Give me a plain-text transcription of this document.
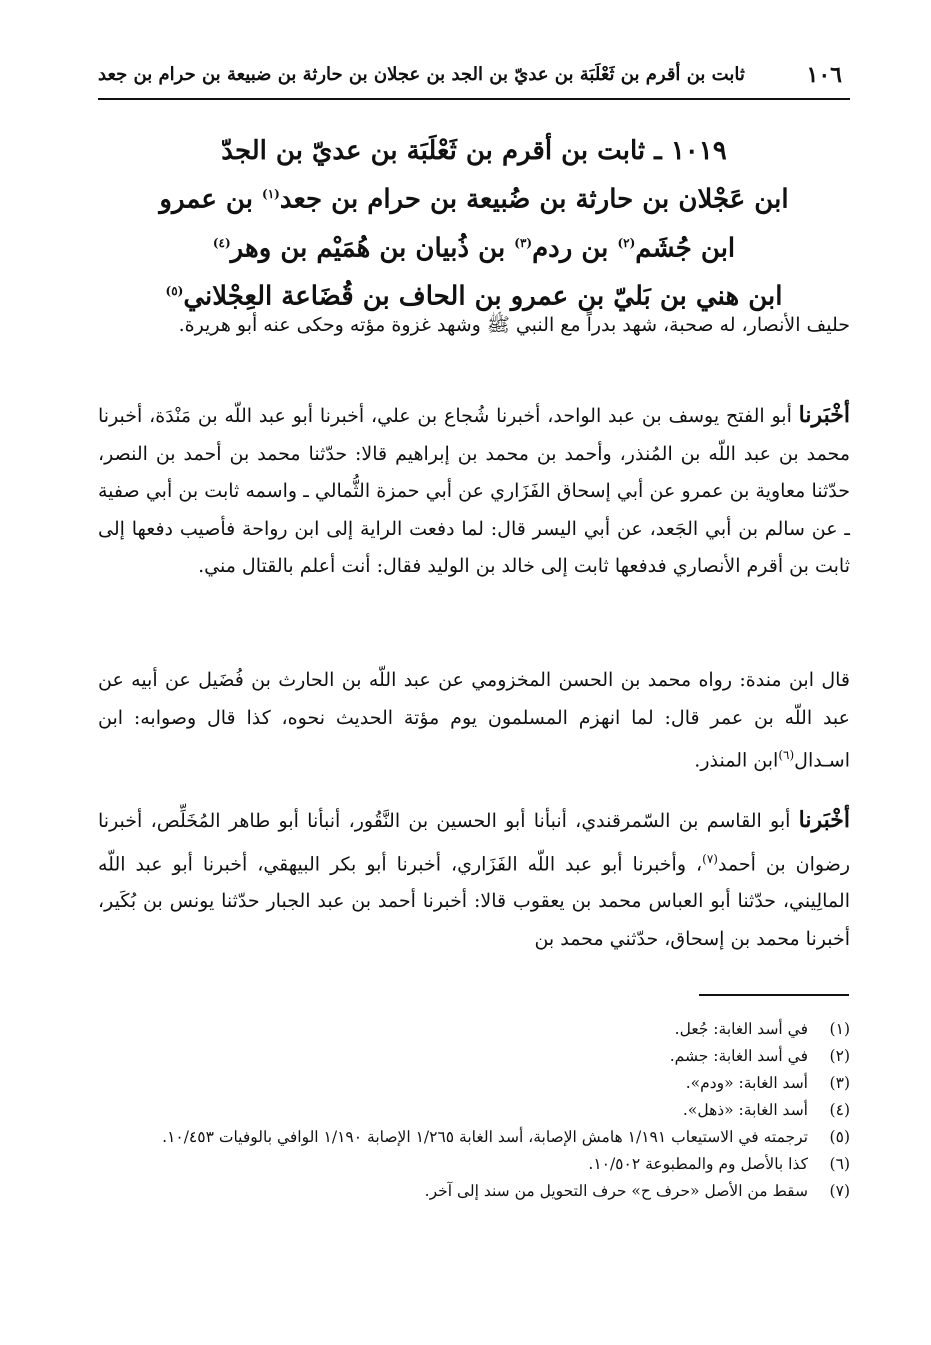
١٠٦
ثابت بن أقرم بن ثَعْلَبَة بن عديّ بن الجد بن عجلان بن حارثة بن ضبيعة بن حرام بن جعد
١٠١٩ ـ ثابت بن أقرم بن ثَعْلَبَة بن عديّ بن الجدّ
ابن عَجْلان بن حارثة بن ضُبيعة بن حرام بن جعد$^{(١)}$ بن عمرو
ابن جُشَم$^{(٢)}$ بن ردم$^{(٣)}$ بن ذُبيان بن هُمَيْم بن وهر$^{(٤)}$
ابن هني بن بَليّ بن عمرو بن الحاف بن قُضَاعة العِجْلاني$^{(٥)}$

حليف الأنصار، له صحبة، شهد بدراً مع النبي ﷺ وشهد غزوة مؤته وحكى عنه أبو هريرة.

أخْبَرنا أبو الفتح يوسف بن عبد الواحد، أخبرنا شُجاع بن علي، أخبرنا أبو عبد اللّه بن مَنْدَة، أخبرنا محمد بن عبد اللّه بن المُنذر، وأحمد بن محمد بن إبراهيم قالا: حدّثنا محمد بن أحمد بن النصر، حدّثنا معاوية بن عمرو عن أبي إسحاق الفَزَاري عن أبي حمزة الثُّمالي ـ واسمه ثابت بن أبي صفية ـ عن سالم بن أبي الجَعد، عن أبي اليسر قال: لما دفعت الراية إلى ابن رواحة فأصيب دفعها إلى ثابت بن أقرم الأنصاري فدفعها ثابت إلى خالد بن الوليد فقال: أنت أعلم بالقتال مني.

قال ابن مندة: رواه محمد بن الحسن المخزومي عن عبد اللّه بن الحارث بن فُضَيل عن أبيه عن عبد اللّه بن عمر قال: لما انهزم المسلمون يوم مؤتة الحديث نحوه، كذا قال وصوابه: ابن اسـدال$^{(٦)}$ابن المنذر.

أخْبَرنا أبو القاسم بن السّمرقندي، أنبأنا أبو الحسين بن النَّقُور، أنبأنا أبو طاهر المُخَلِّص، أخبرنا رضوان بن أحمد$^{(٧)}$، وأخبرنا أبو عبد اللّه الفَزَاري، أخبرنا أبو بكر البيهقي، أخبرنا أبو عبد اللّه المالِيني، حدّثنا أبو العباس محمد بن يعقوب قالا: أخبرنا أحمد بن عبد الجبار حدّثنا يونس بن بُكَير، أخبرنا محمد بن إسحاق، حدّثني محمد بن

(١)
في أسد الغابة: جُعل.
(٢)
في أسد الغابة: جشم.
(٣)
أسد الغابة: «ودم».
(٤)
أسد الغابة: «ذهل».
(٥)
ترجمته في الاستيعاب ١/١٩١ هامش الإصابة، أسد الغابة ١/٢٦٥ الإصابة ١/١٩٠ الوافي بالوفيات ١٠/٤٥٣.
(٦)
كذا بالأصل وم والمطبوعة ١٠/٥٠٢.
(٧)
سقط من الأصل «حرف ح» حرف التحويل من سند إلى آخر.
